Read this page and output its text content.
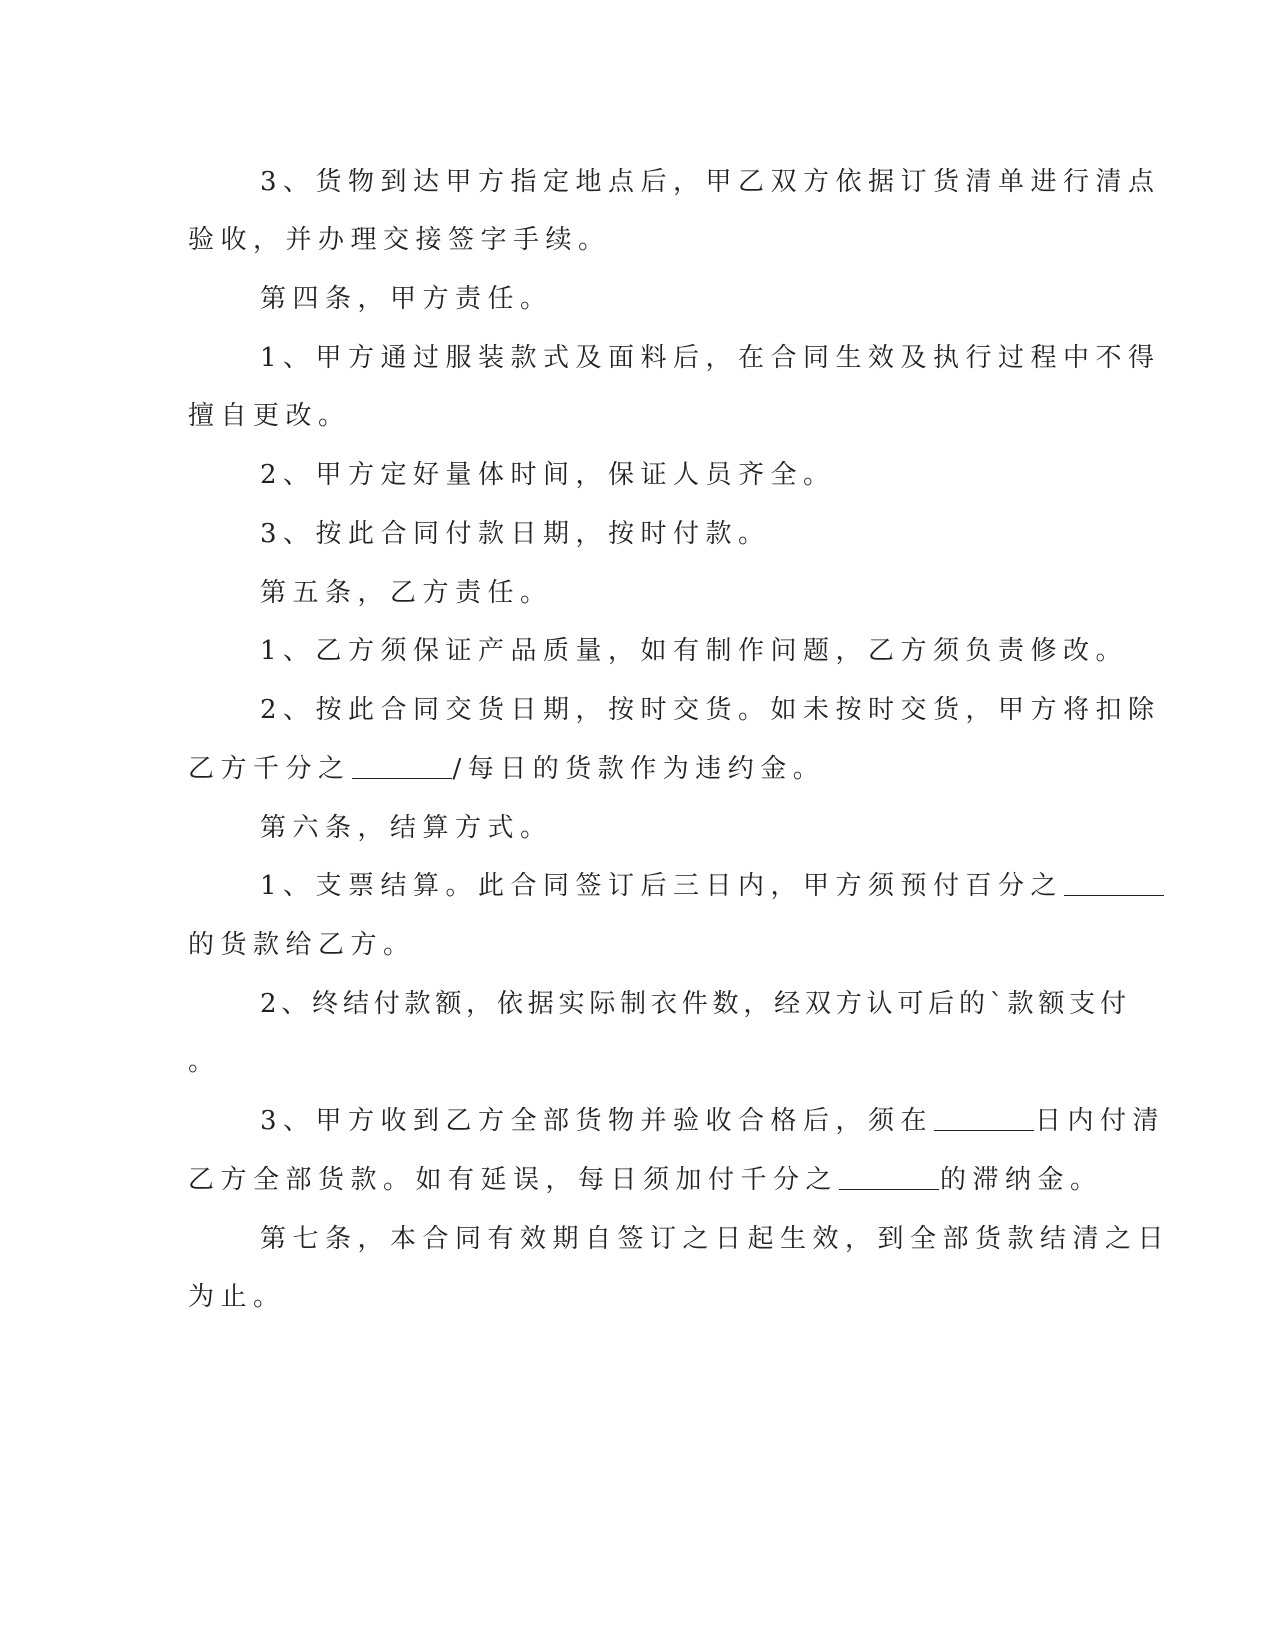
3、货物到达甲方指定地点后，甲乙双方依据订货清单进行清点
验收，并办理交接签字手续。
第四条，甲方责任。
1、甲方通过服装款式及面料后，在合同生效及执行过程中不得
擅自更改。
2、甲方定好量体时间，保证人员齐全。
3、按此合同付款日期，按时付款。
第五条，乙方责任。
1、乙方须保证产品质量，如有制作问题，乙方须负责修改。
2、按此合同交货日期，按时交货。如未按时交货，甲方将扣除
乙方千分之	/每日的货款作为违约金。
第六条，结算方式。
1、支票结算。此合同签订后三日内，甲方须预付百分之
的货款给乙方。
2、终结付款额，依据实际制衣件数，经双方认可后的`款额支付
。
3、甲方收到乙方全部货物并验收合格后，须在	日内付清
乙方全部货款。如有延误，每日须加付千分之	的滞纳金。
第七条，本合同有效期自签订之日起生效，到全部货款结清之日
为止。
